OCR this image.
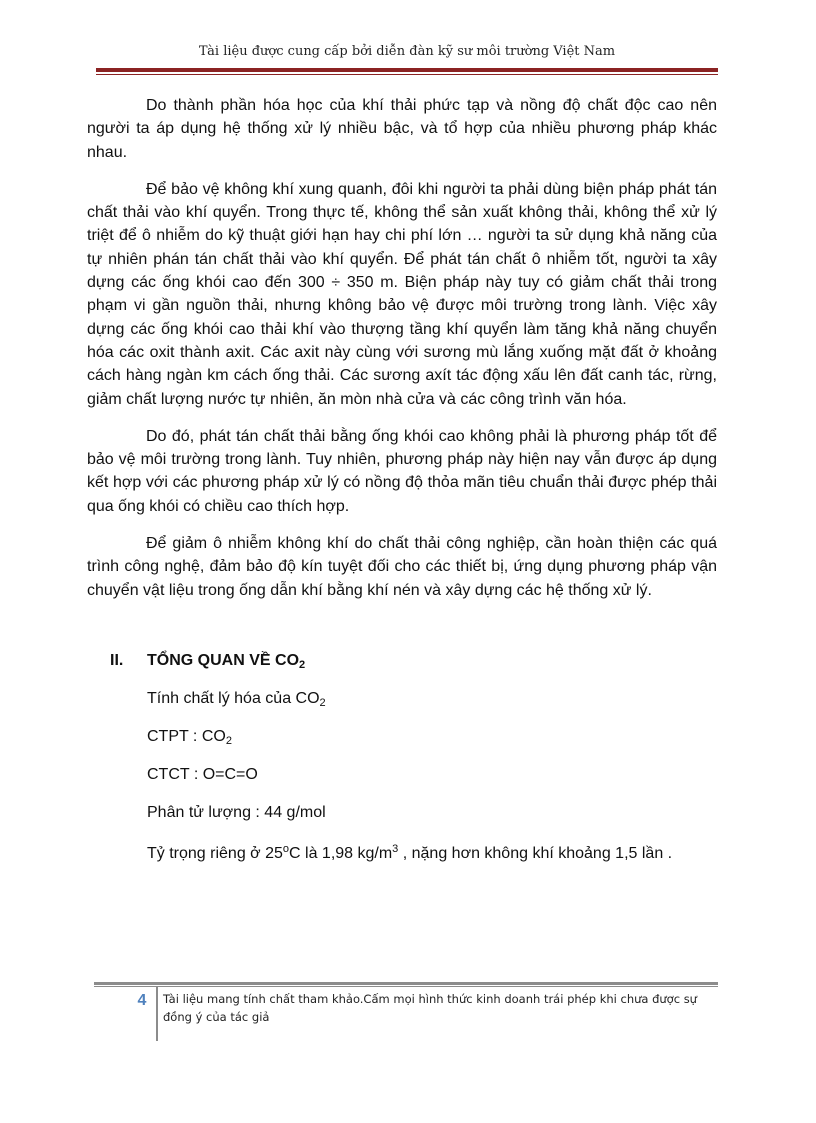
Tài liệu được cung cấp bởi diễn đàn kỹ sư môi trường Việt Nam

Do thành phần hóa học của khí thải phức tạp và nồng độ chất độc cao nên người ta áp dụng hệ thống xử lý nhiều bậc, và tổ hợp của nhiều phương pháp khác nhau.

Để bảo vệ không khí xung quanh, đôi khi người ta phải dùng biện pháp phát tán chất thải vào khí quyển. Trong thực tế, không thể sản xuất không thải, không thể xử lý triệt để ô nhiễm do kỹ thuật giới hạn hay chi phí lớn … người ta sử dụng khả năng của tự nhiên phán tán chất thải vào khí quyển. Để phát tán chất ô nhiễm tốt, người ta xây dựng các ống khói cao đến 300 ÷ 350 m. Biện pháp này tuy có giảm chất thải trong phạm vi gần nguồn thải, nhưng không bảo vệ được môi trường trong lành. Việc xây dựng các ống khói cao thải khí vào thượng tầng khí quyển làm tăng khả năng chuyển hóa các oxit thành axit. Các axit này cùng với sương mù lắng xuống mặt đất ở khoảng cách hàng ngàn km cách ống thải. Các sương axít tác động xấu lên đất canh tác, rừng, giảm chất lượng nước tự nhiên, ăn mòn nhà cửa và các công trình văn hóa.

Do đó, phát tán chất thải bằng ống khói cao không phải là phương pháp tốt để bảo vệ môi trường trong lành. Tuy nhiên, phương pháp này hiện nay vẫn được áp dụng kết hợp với các phương pháp xử lý có nồng độ thỏa mãn tiêu chuẩn thải được phép thải qua ống khói có chiều cao thích hợp.

Để giảm ô nhiễm không khí do chất thải công nghiệp, cần hoàn thiện các quá trình công nghệ, đảm bảo độ kín tuyệt đối cho các thiết bị, ứng dụng phương pháp vận chuyển vật liệu trong ống dẫn khí bằng khí nén và xây dựng các hệ thống xử lý.

II. TỔNG QUAN VỀ $CO_2$
Tính chất lý hóa của $CO_2$
CTPT : $CO_2$
CTCT : O=C=O
Phân tử lượng : 44 g/mol
Tỷ trọng riêng ở 25$^o$C là 1,98 $kg/m^3$ , nặng hơn không khí khoảng 1,5 lần .
4	Tài liệu mang tính chất tham khảo.Cấm mọi hình thức kinh doanh trái phép khi chưa được sự đồng ý của tác giả
